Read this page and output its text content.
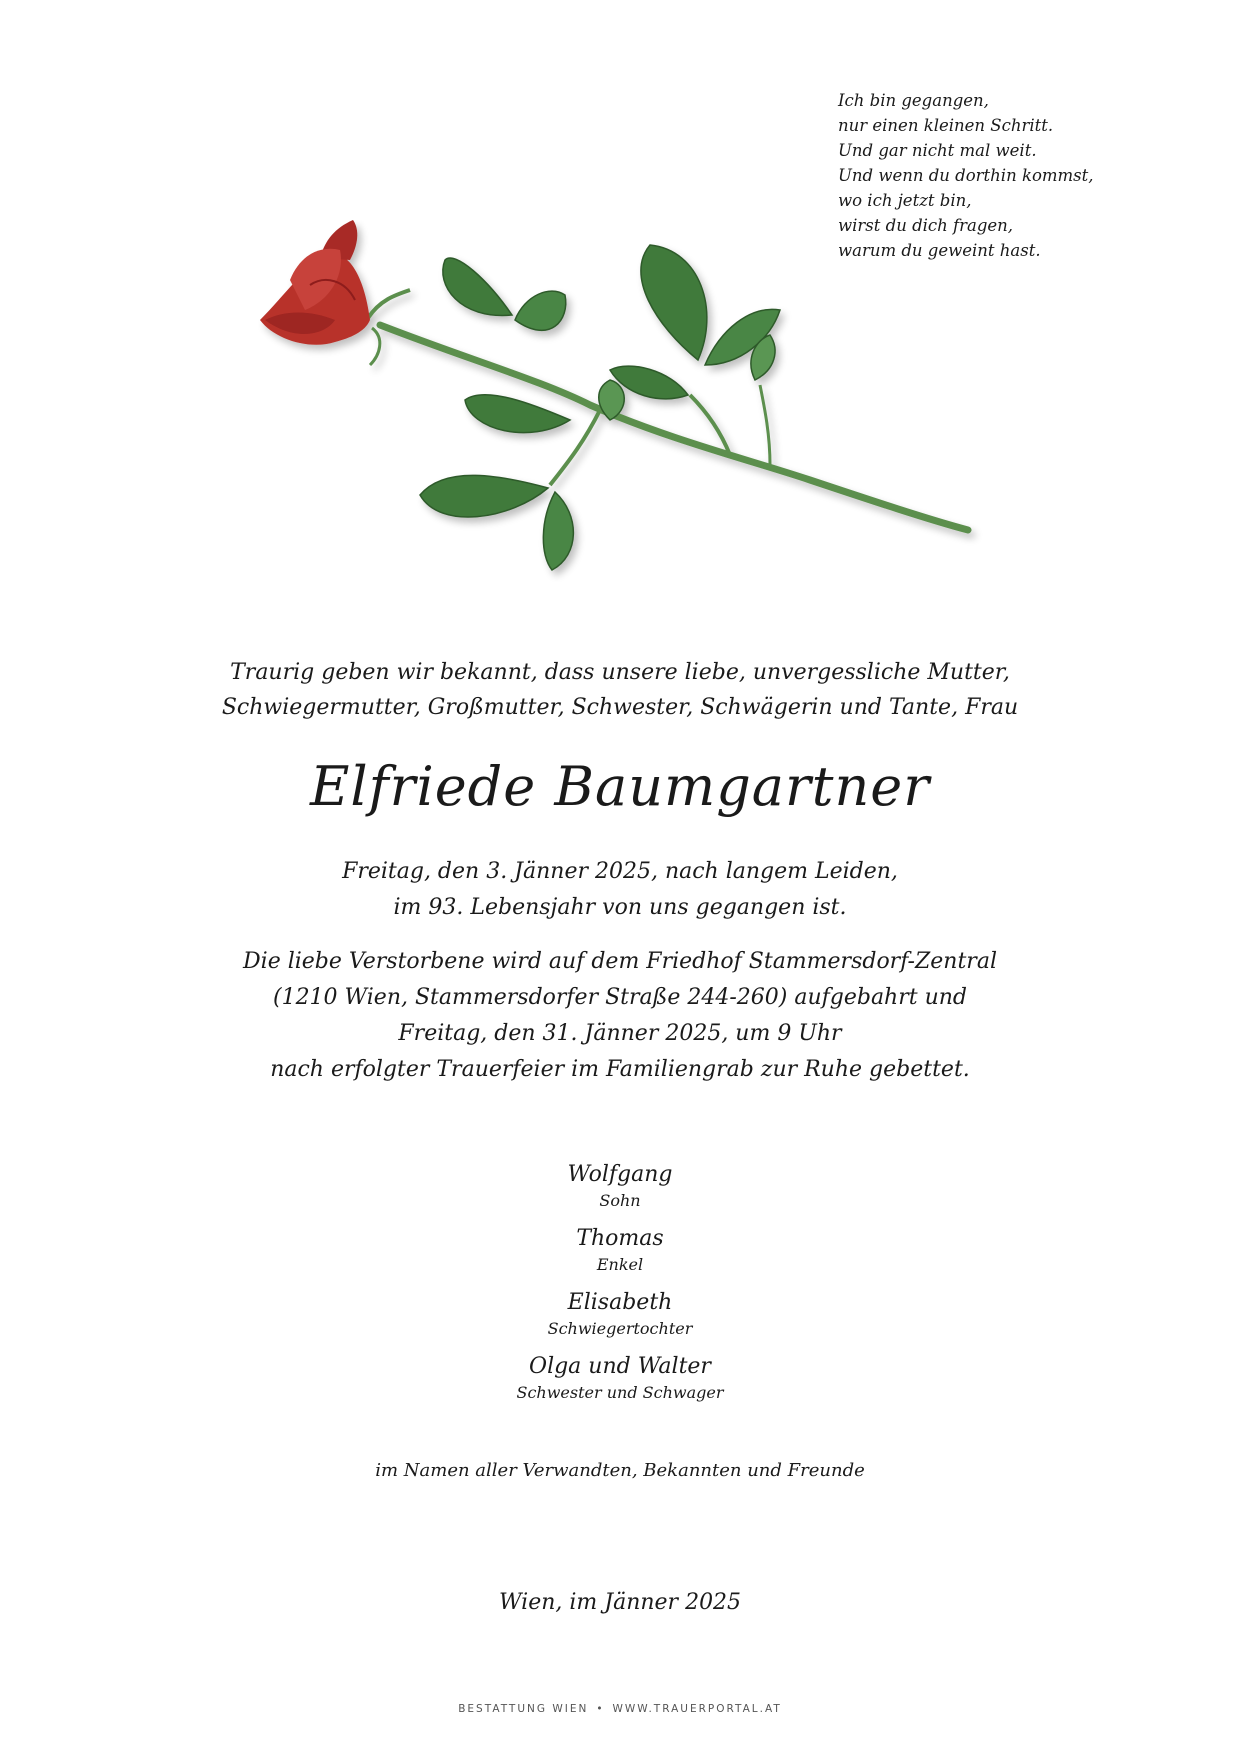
Ich bin gegangen,
nur einen kleinen Schritt.
Und gar nicht mal weit.
Und wenn du dorthin kommst,
wo ich jetzt bin,
wirst du dich fragen,
warum du geweint hast.
Traurig geben wir bekannt, dass unsere liebe, unvergessliche Mutter,
Schwiegermutter, Großmutter, Schwester, Schwägerin und Tante, Frau
Elfriede Baumgartner
Freitag, den 3. Jänner 2025, nach langem Leiden,
im 93. Lebensjahr von uns gegangen ist.
Die liebe Verstorbene wird auf dem Friedhof Stammersdorf-Zentral
(1210 Wien, Stammersdorfer Straße 244-260) aufgebahrt und
Freitag, den 31. Jänner 2025, um 9 Uhr
nach erfolgter Trauerfeier im Familiengrab zur Ruhe gebettet.
Wolfgang
Sohn
Thomas
Enkel
Elisabeth
Schwiegertochter
Olga und Walter
Schwester und Schwager
im Namen aller Verwandten, Bekannten und Freunde
Wien, im Jänner 2025
BESTATTUNG WIEN • WWW.TRAUERPORTAL.AT
